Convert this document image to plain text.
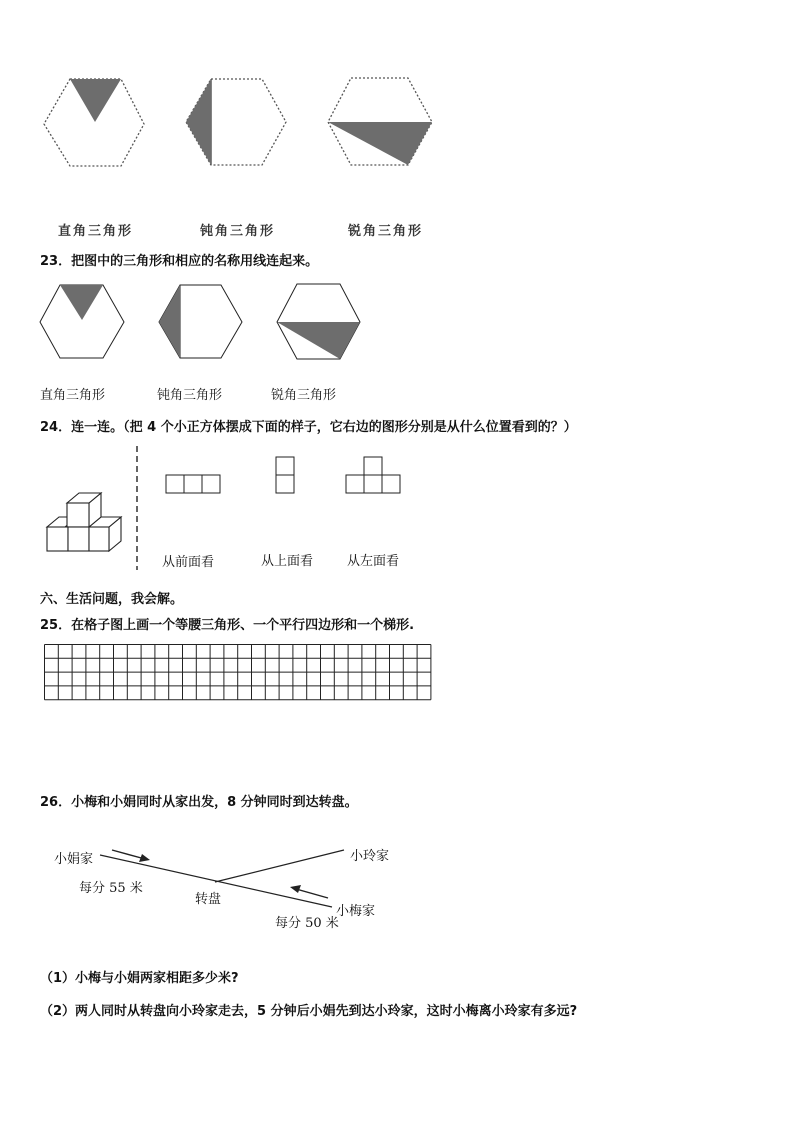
直角三角形	钝角三角形	锐角三角形
23．把图中的三角形和相应的名称用线连起来。
直角三角形	钝角三角形	锐角三角形
24．连一连。（把 4 个小正方体摆成下面的样子，它右边的图形分别是从什么位置看到的？）
从前面看	从上面看	从左面看
六、生活问题，我会解。
25．在格子图上画一个等腰三角形、一个平行四边形和一个梯形.
26．小梅和小娟同时从家出发，8 分钟同时到达转盘。
小娟家	小玲家
小梅家
转盘
每分 55 米
每分 50 米
（1）小梅与小娟两家相距多少米?
（2）两人同时从转盘向小玲家走去，5 分钟后小娟先到达小玲家，这时小梅离小玲家有多远?
